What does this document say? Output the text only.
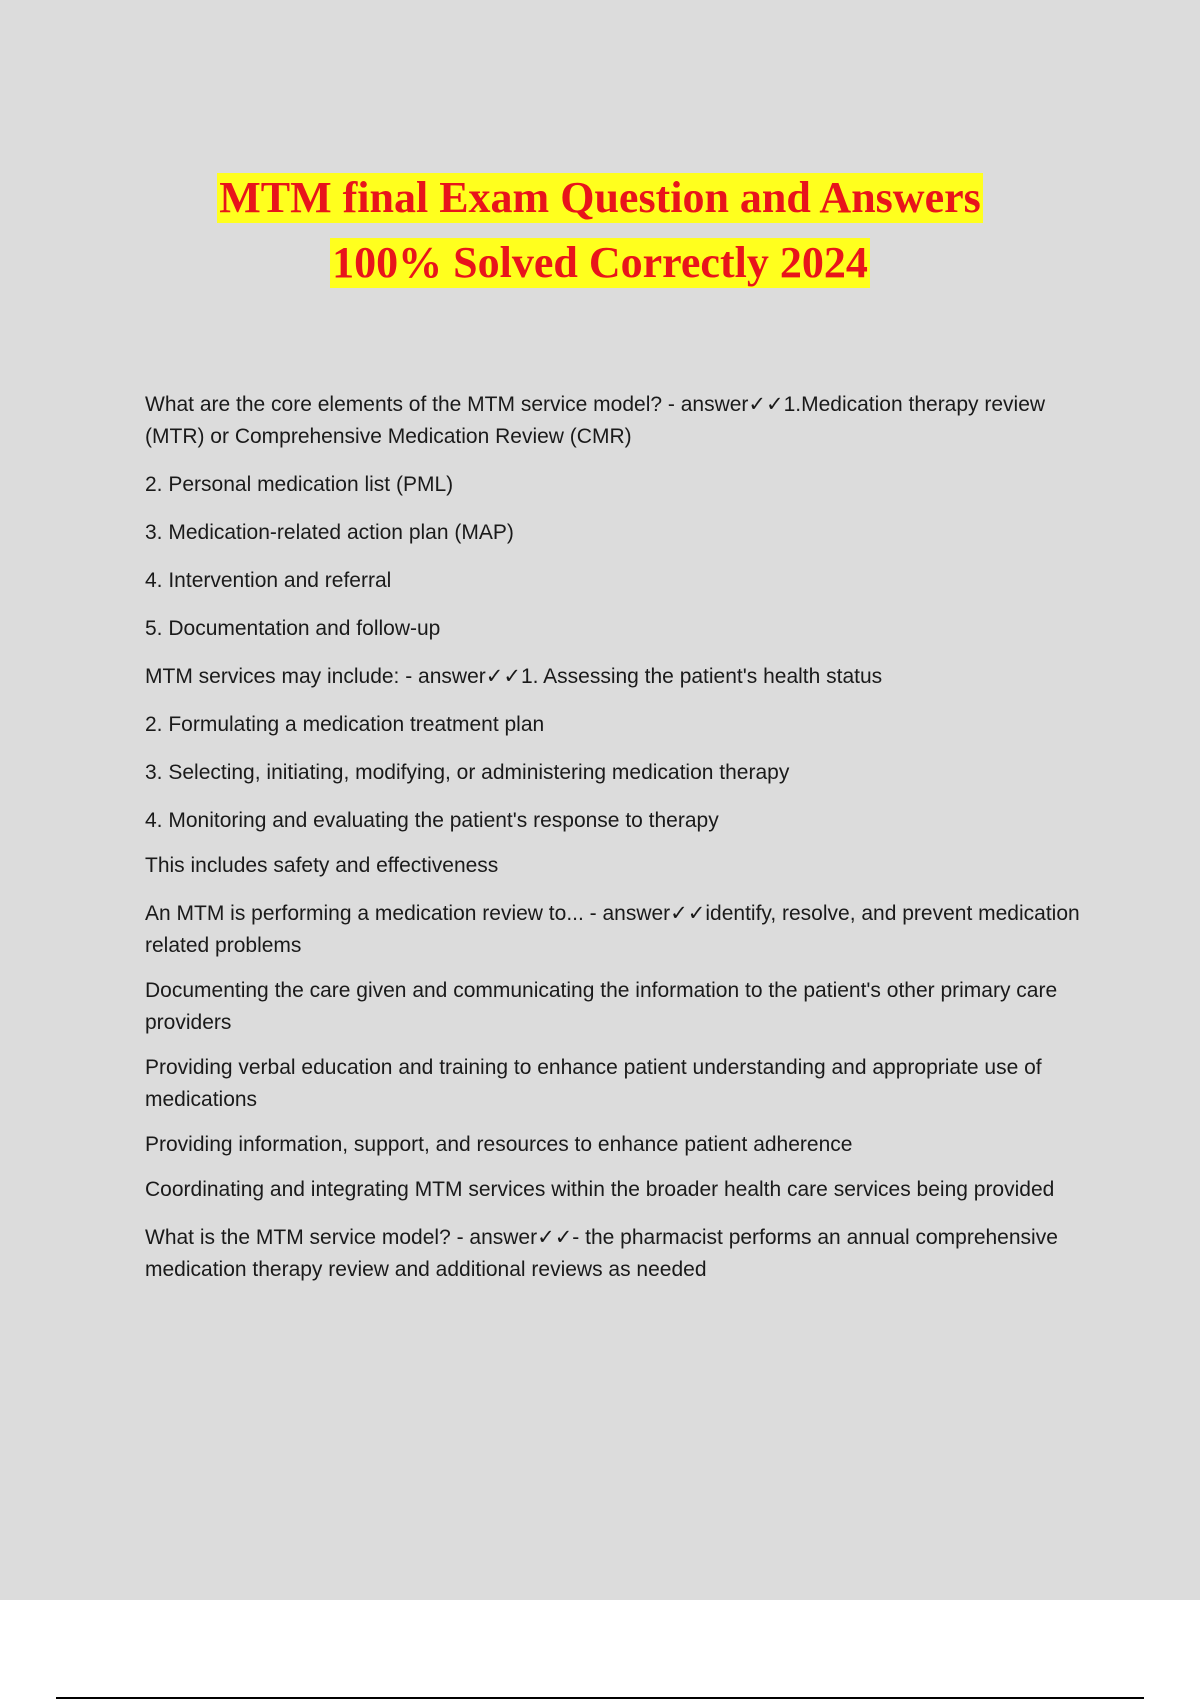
MTM final Exam Question and Answers
100% Solved Correctly 2024

What are the core elements of the MTM service model? - answer✓✓1.Medication therapy review (MTR) or Comprehensive Medication Review (CMR)

2. Personal medication list (PML)

3. Medication-related action plan (MAP)

4. Intervention and referral

5. Documentation and follow-up

MTM services may include: - answer✓✓1. Assessing the patient's health status

2. Formulating a medication treatment plan

3. Selecting, initiating, modifying, or administering medication therapy

4. Monitoring and evaluating the patient's response to therapy

This includes safety and effectiveness

An MTM is performing a medication review to... - answer✓✓identify, resolve, and prevent medication related problems

Documenting the care given and communicating the information to the patient's other primary care providers

Providing verbal education and training to enhance patient understanding and appropriate use of medications

Providing information, support, and resources to enhance patient adherence

Coordinating and integrating MTM services within the broader health care services being provided

What is the MTM service model? - answer✓✓- the pharmacist performs an annual comprehensive medication therapy review and additional reviews as needed
